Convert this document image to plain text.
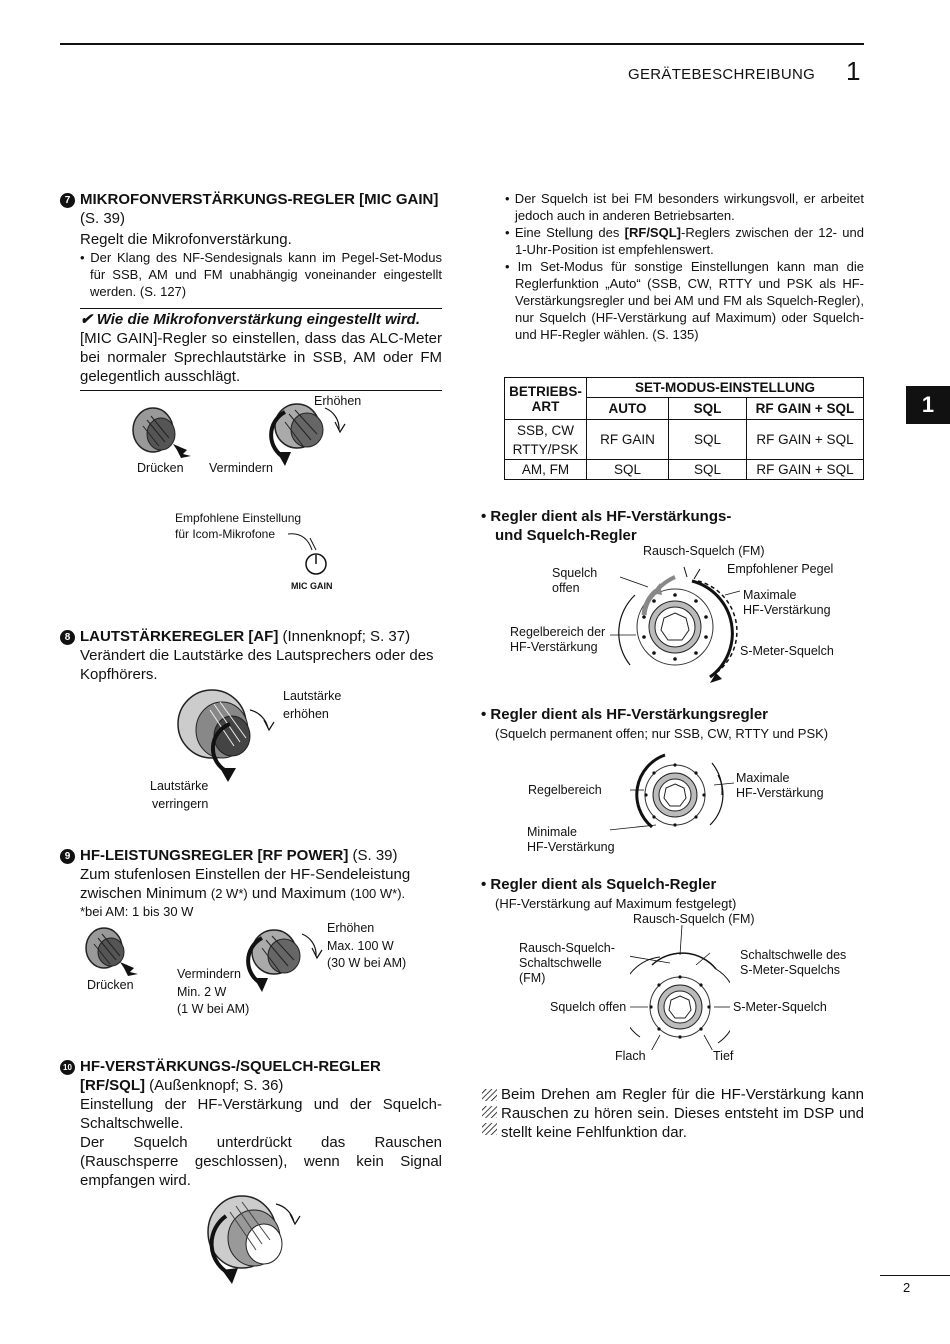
GERÄTEBESCHREIBUNG 1
1
2
7 MIKROFONVERSTÄRKUNGS-REGLER [MIC GAIN]
(S. 39)
Regelt die Mikrofonverstärkung.
• Der Klang des NF-Sendesignals kann im Pegel-Set-Modus für SSB, AM und FM unabhängig voneinander eingestellt werden. (S. 127)
✔ Wie die Mikrofonverstärkung eingestellt wird.
[MIC GAIN]-Regler so einstellen, dass das ALC-Meter bei normaler Sprechlautstärke in SSB, AM oder FM gelegentlich ausschlägt.
Erhöhen
Drücken Vermindern
Empfohlene Einstellung
für Icom-Mikrofone
MIC GAIN
8 LAUTSTÄRKEREGLER [AF] (Innenknopf; S. 37)
Verändert die Lautstärke des Lautsprechers oder des Kopfhörers.
Lautstärke
erhöhen
Lautstärke
verringern
9 HF-LEISTUNGSREGLER [RF POWER] (S. 39)
Zum stufenlosen Einstellen der HF-Sendeleistung
zwischen Minimum (2 W*) und Maximum (100 W*).
*bei AM: 1 bis 30 W
Drücken
Vermindern
Min. 2 W
(1 W bei AM)
Erhöhen
Max. 100 W
(30 W bei AM)
10 HF-VERSTÄRKUNGS-/SQUELCH-REGLER
[RF/SQL] (Außenknopf; S. 36)
Einstellung der HF-Verstärkung und der Squelch-Schaltschwelle.
Der Squelch unterdrückt das Rauschen (Rauschsperre geschlossen), wenn kein Signal empfangen wird.
• Der Squelch ist bei FM besonders wirkungsvoll, er arbeitet jedoch auch in anderen Betriebsarten.
• Eine Stellung des [RF/SQL]-Reglers zwischen der 12- und 1-Uhr-Position ist empfehlenswert.
• Im Set-Modus für sonstige Einstellungen kann man die Reglerfunktion „Auto“ (SSB, CW, RTTY und PSK als HF-Verstärkungsregler und bei AM und FM als Squelch-Regler), nur Squelch (HF-Verstärkung auf Maximum) oder Squelch- und HF-Regler wählen. (S. 135)
BETRIEBS-
ART	SET-MODUS-EINSTELLUNG		
	AUTO	SQL	RF GAIN + SQL

SSB, CW
RTTY/PSK	RF GAIN	SQL	RF GAIN + SQL
AM, FM	SQL	SQL	RF GAIN + SQL
• Regler dient als HF-Verstärkungs-
und Squelch-Regler
Rausch-Squelch (FM)
Squelch
offen
Empfohlener Pegel
Maximale
HF-Verstärkung
Regelbereich der
HF-Verstärkung	S-Meter-Squelch
• Regler dient als HF-Verstärkungsregler
(Squelch permanent offen; nur SSB, CW, RTTY und PSK)
Regelbereich
Maximale
HF-Verstärkung
Minimale
HF-Verstärkung
• Regler dient als Squelch-Regler
(HF-Verstärkung auf Maximum festgelegt)
Rausch-Squelch (FM)
Rausch-Squelch-
Schaltschwelle
(FM)
Schaltschwelle des
S-Meter-Squelchs
Squelch offen	S-Meter-Squelch
Flach	Tief
Beim Drehen am Regler für die HF-Verstärkung kann Rauschen zu hören sein. Dieses entsteht im DSP und stellt keine Fehlfunktion dar.
